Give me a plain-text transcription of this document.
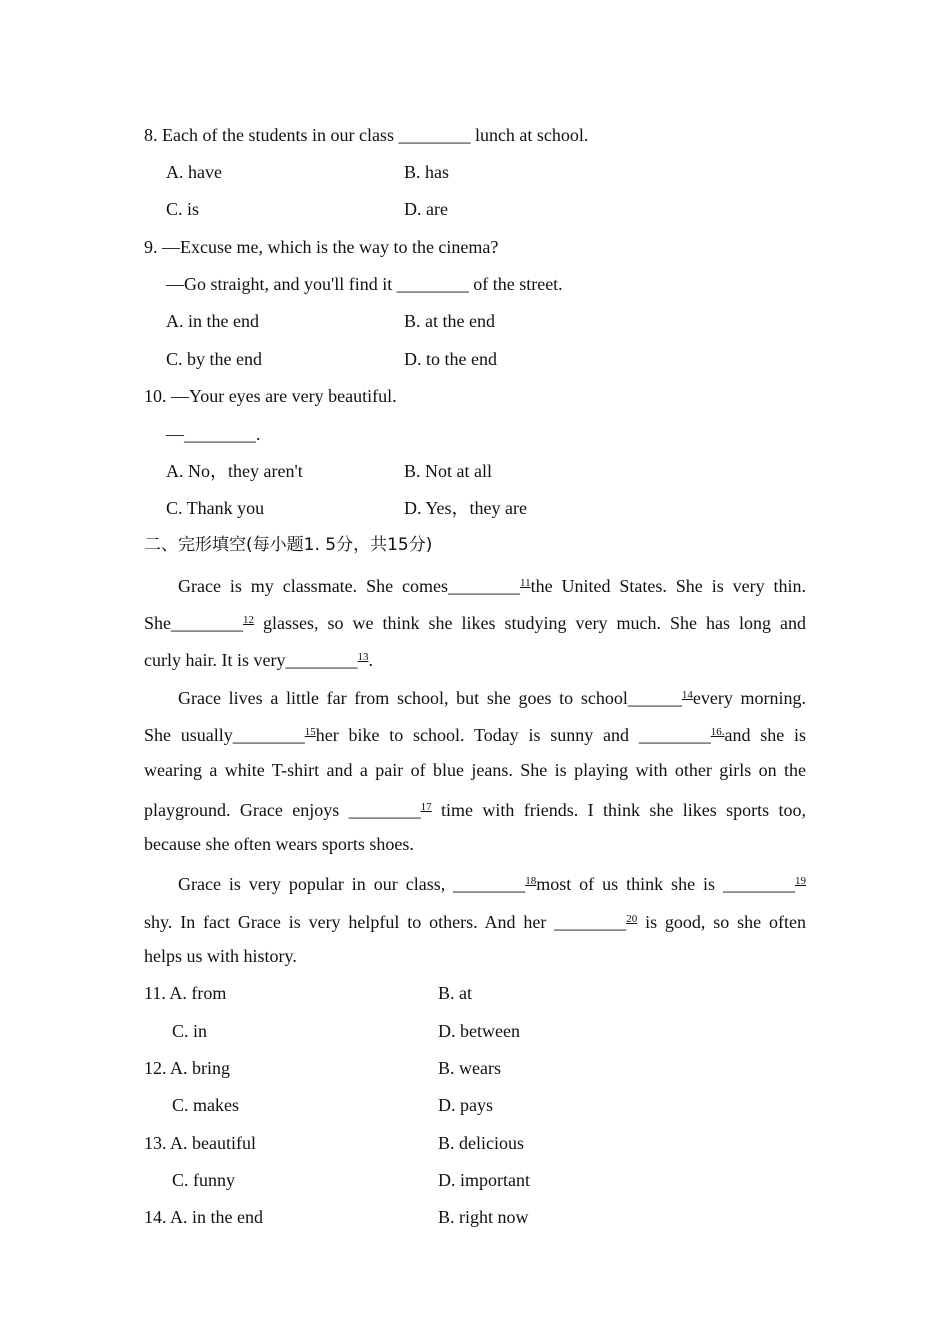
8. Each of the students in our class ________ lunch at school.
A. have	B. has
C. is	D. are
9. —Excuse me, which is the way to the cinema?
—Go straight, and you'll find it ________ of the street.
A. in the end	B. at the end
C. by the end	D. to the end
10. —Your eyes are very beautiful.
—________.
A. No，they aren't	B. Not at all
C. Thank you	D. Yes，they are
二、完形填空(每小题1. 5分，共15分)
Grace is my classmate. She comes________$^{11}$the United States. She is very thin.
She________$^{12}$ glasses, so we think she likes studying very much. She has long and
curly hair. It is very________$^{13}$.
Grace lives a little far from school, but she goes to school______$^{14}$every morning.
She usually________$^{15}$her bike to school. Today is sunny and ________$^{16.}$and she is
wearing a white T-shirt and a pair of blue jeans. She is playing with other girls on the
playground. Grace enjoys ________$^{17}$ time with friends. I think she likes sports too,
because she often wears sports shoes.
Grace is very popular in our class, ________$^{18}$most of us think she is ________$^{19}$
shy. In fact Grace is very helpful to others. And her ________$^{20}$ is good, so she often
helps us with history.
11. A. from	B. at
C. in	D. between
12. A. bring	B. wears
C. makes	D. pays
13. A. beautiful	B. delicious
C. funny	D. important
14. A. in the end	B. right now
